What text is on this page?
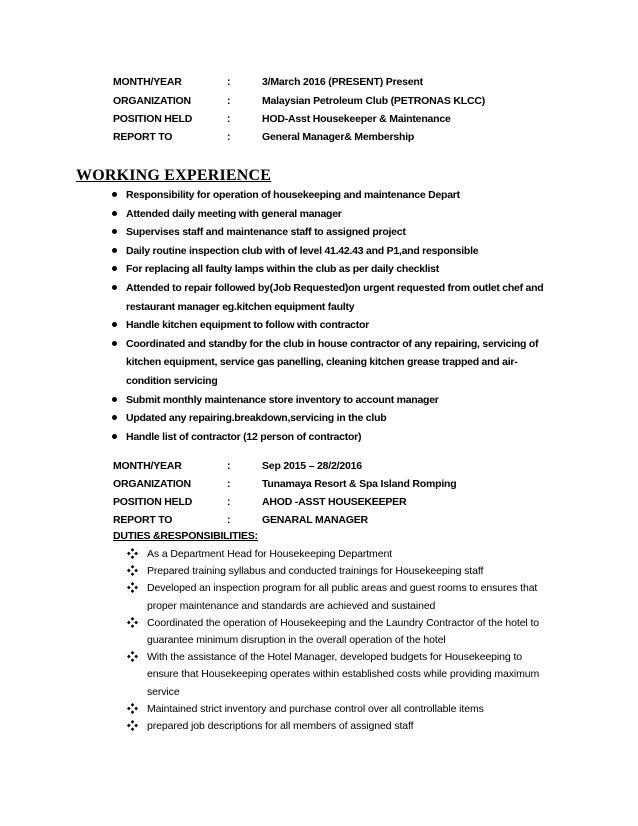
MONTH/YEAR	:	3/March 2016 (PRESENT) Present
ORGANIZATION	:	Malaysian Petroleum Club (PETRONAS KLCC)
POSITION HELD	:	HOD-Asst Housekeeper & Maintenance
REPORT TO	:	General Manager& Membership
WORKING EXPERIENCE
Responsibility for operation of housekeeping and maintenance Depart
Attended daily meeting with general manager
Supervises staff and maintenance staff to assigned project
Daily routine inspection club with of level 41.42.43 and P1,and responsible
For replacing all faulty lamps within the club as per daily checklist
Attended to repair followed by(Job Requested)on urgent requested from outlet chef and restaurant manager eg.kitchen equipment faulty
Handle kitchen equipment to follow with contractor
Coordinated and standby for the club in house contractor of any repairing, servicing of kitchen equipment, service gas panelling, cleaning kitchen grease trapped and air-condition servicing
Submit monthly maintenance store inventory to account manager
Updated any repairing.breakdown,servicing in the club
Handle list of contractor (12 person of contractor)
MONTH/YEAR	:	Sep 2015 – 28/2/2016
ORGANIZATION	:	Tunamaya Resort & Spa Island Romping
POSITION HELD	:	AHOD -ASST HOUSEKEEPER
REPORT TO	:	GENARAL MANAGER
DUTIES &RESPONSIBILITIES:
As a Department Head for Housekeeping Department
Prepared training syllabus and conducted trainings for Housekeeping staff
Developed an inspection program for all public areas and guest rooms to ensures that proper maintenance and standards are achieved and sustained
Coordinated the operation of Housekeeping and the Laundry Contractor of the hotel to guarantee minimum disruption in the overall operation of the hotel
With the assistance of the Hotel Manager, developed budgets for Housekeeping to ensure that Housekeeping operates within established costs while providing maximum service
Maintained strict inventory and purchase control over all controllable items
prepared job descriptions for all members of assigned staff
